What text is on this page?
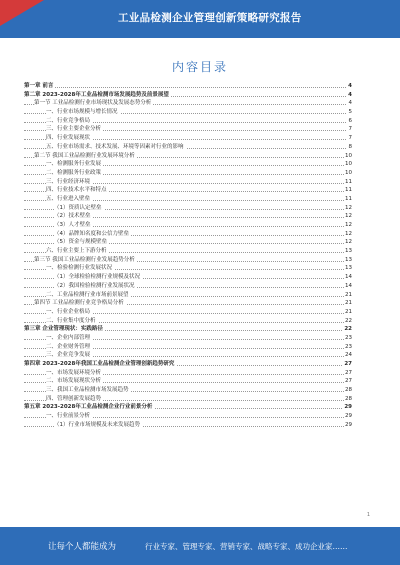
工业品检测企业管理创新策略研究报告
内容目录
第一章 前言	4
第二章 2023-2028年工业品检测市场发展趋势及前景展望	4
第一节 工业品检测行业市场现状及发展态势分析	4
一、行业市场规模与增长情况	5
二、行业竞争格局	6
三、行业主要企业分析	7
四、行业发展现状	7
五、行业市场需求、技术发展、环境等因素对行业的影响	8
第二节 我国工业品检测行业发展环境分析	10
一、检测服务行业发展	10
二、检测服务行业政策	10
三、行业经济环境	11
四、行业技术水平和特点	11
五、行业进入壁垒	11
（1）资质认定壁垒	12
（2）技术壁垒	12
（3）人才壁垒	12
（4）品牌知名度和公信力壁垒	12
（5）资金与规模壁垒	12
六、行业主要上下游分析	13
第三节 我国工业品检测行业发展趋势分析	13
一、检验检测行业发展状况	13
（1）全球检验检测行业规模及状况	14
（2）我国检验检测行业发展状况	14
二、工业品检测行业市场前景展望	21
第四节 工业品检测行业竞争格局分析	21
一、行业企业格局	21
二、行业集中度分析	22
第三章 企业管理现状：实践路径	22
一、企业内部管理	23
二、企业财务管理	23
三、企业竞争发展	24
第四章 2023-2028年我国工业品检测企业管理创新趋势研究	27
一、市场发展环境分析	27
二、市场发展现状分析	27
三、我国工业品检测市场发展趋势	28
四、管理创新发展趋势	28
第五章 2023-2028年工业品检测企业行业前景分析	29
一、行业前景分析	29
（1）行业市场规模及未来发展趋势	29
1
让每个人都能成为	行业专家、管理专家、营销专家、战略专家、成功企业家……
